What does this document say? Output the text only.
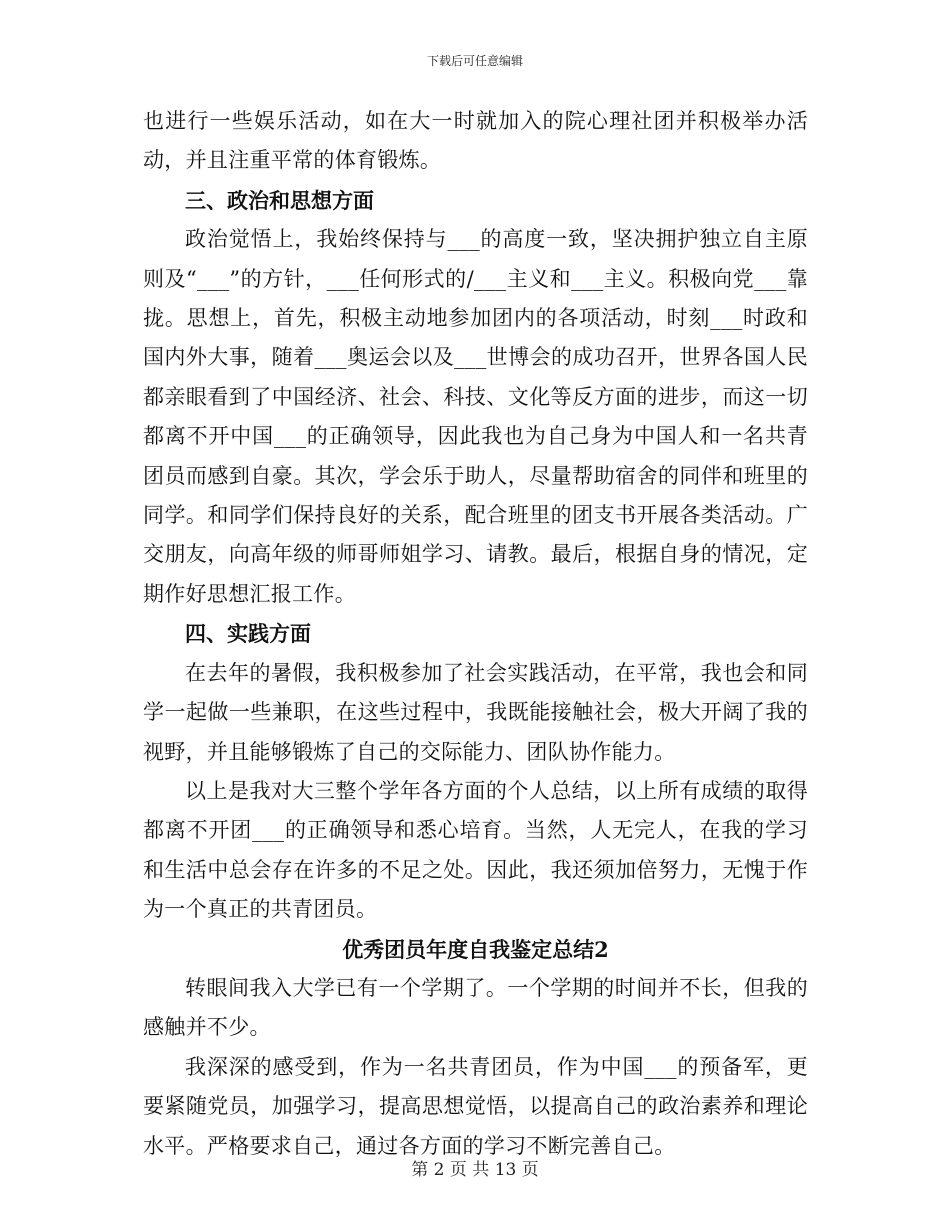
下载后可任意编辑

也进行一些娱乐活动，如在大一时就加入的院心理社团并积极举办活动，并且注重平常的体育锻炼。

三、政治和思想方面

政治觉悟上，我始终保持与___的高度一致，坚决拥护独立自主原则及“___”的方针，___任何形式的/___主义和___主义。积极向党___靠拢。思想上，首先，积极主动地参加团内的各项活动，时刻___时政和国内外大事，随着___奥运会以及___世博会的成功召开，世界各国人民都亲眼看到了中国经济、社会、科技、文化等反方面的进步，而这一切都离不开中国___的正确领导，因此我也为自己身为中国人和一名共青团员而感到自豪。其次，学会乐于助人，尽量帮助宿舍的同伴和班里的同学。和同学们保持良好的关系，配合班里的团支书开展各类活动。广交朋友，向高年级的师哥师姐学习、请教。最后，根据自身的情况，定期作好思想汇报工作。

四、实践方面

在去年的暑假，我积极参加了社会实践活动，在平常，我也会和同学一起做一些兼职，在这些过程中，我既能接触社会，极大开阔了我的视野，并且能够锻炼了自己的交际能力、团队协作能力。

以上是我对大三整个学年各方面的个人总结，以上所有成绩的取得都离不开团___的正确领导和悉心培育。当然，人无完人，在我的学习和生活中总会存在许多的不足之处。因此，我还须加倍努力，无愧于作为一个真正的共青团员。

优秀团员年度自我鉴定总结2

转眼间我入大学已有一个学期了。一个学期的时间并不长，但我的感触并不少。

我深深的感受到，作为一名共青团员，作为中国___的预备军，更要紧随党员，加强学习，提高思想觉悟，以提高自己的政治素养和理论水平。严格要求自己，通过各方面的学习不断完善自己。

第 2 页 共 13 页
